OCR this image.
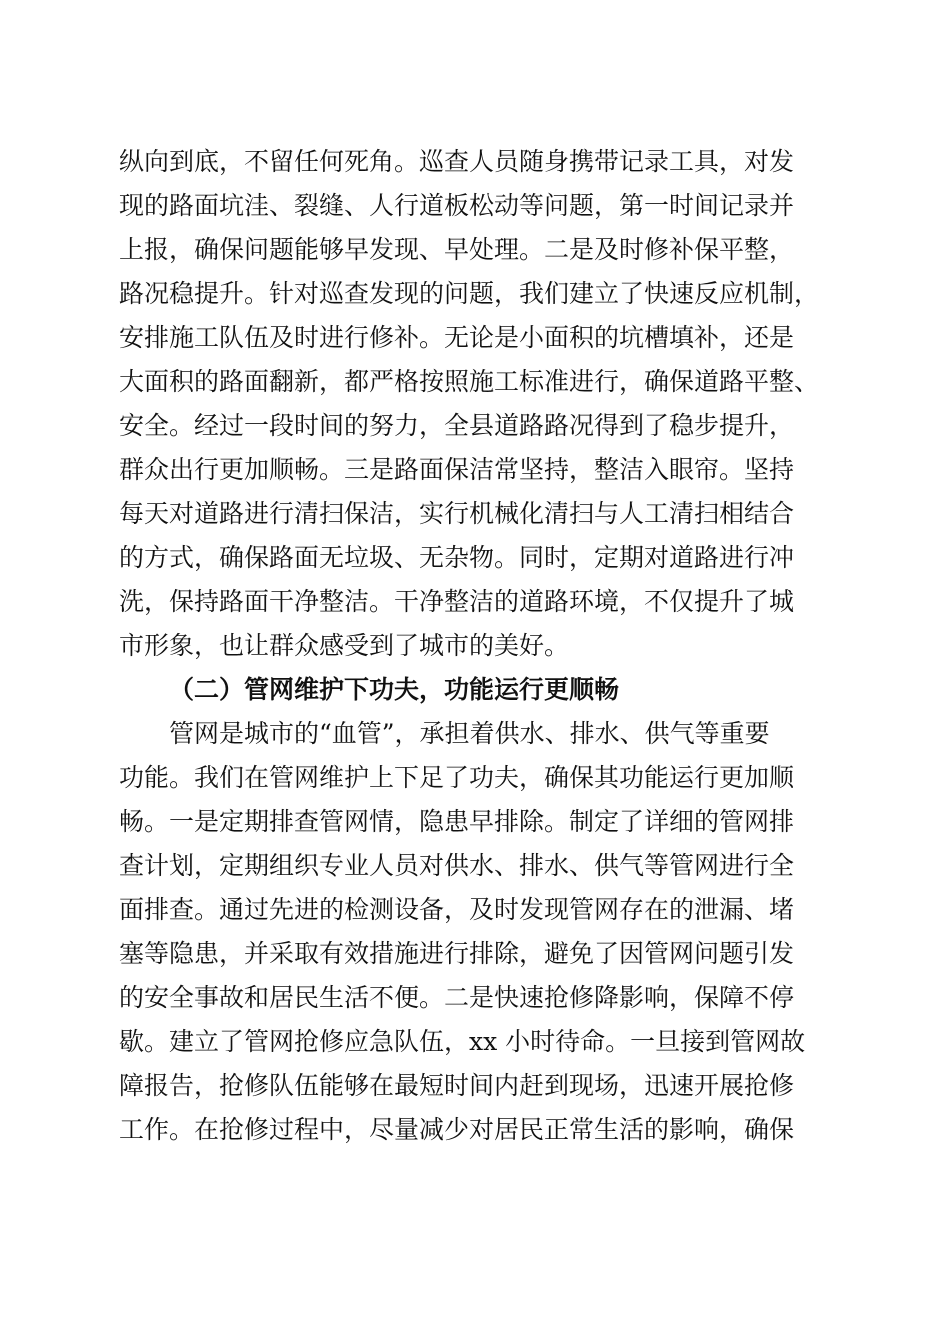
纵向到底，不留任何死角。巡查人员随身携带记录工具，对发
现的路面坑洼、裂缝、人行道板松动等问题，第一时间记录并
上报，确保问题能够早发现、早处理。二是及时修补保平整，
路况稳提升。针对巡查发现的问题，我们建立了快速反应机制，
安排施工队伍及时进行修补。无论是小面积的坑槽填补，还是
大面积的路面翻新，都严格按照施工标准进行，确保道路平整、
安全。经过一段时间的努力，全县道路路况得到了稳步提升，
群众出行更加顺畅。三是路面保洁常坚持，整洁入眼帘。坚持
每天对道路进行清扫保洁，实行机械化清扫与人工清扫相结合
的方式，确保路面无垃圾、无杂物。同时，定期对道路进行冲
洗，保持路面干净整洁。干净整洁的道路环境，不仅提升了城
市形象，也让群众感受到了城市的美好。
（二）管网维护下功夫，功能运行更顺畅
管网是城市的“血管”，承担着供水、排水、供气等重要
功能。我们在管网维护上下足了功夫，确保其功能运行更加顺
畅。一是定期排查管网情，隐患早排除。制定了详细的管网排
查计划，定期组织专业人员对供水、排水、供气等管网进行全
面排查。通过先进的检测设备，及时发现管网存在的泄漏、堵
塞等隐患，并采取有效措施进行排除，避免了因管网问题引发
的安全事故和居民生活不便。二是快速抢修降影响，保障不停
歇。建立了管网抢修应急队伍，xx 小时待命。一旦接到管网故
障报告，抢修队伍能够在最短时间内赶到现场，迅速开展抢修
工作。在抢修过程中，尽量减少对居民正常生活的影响，确保
